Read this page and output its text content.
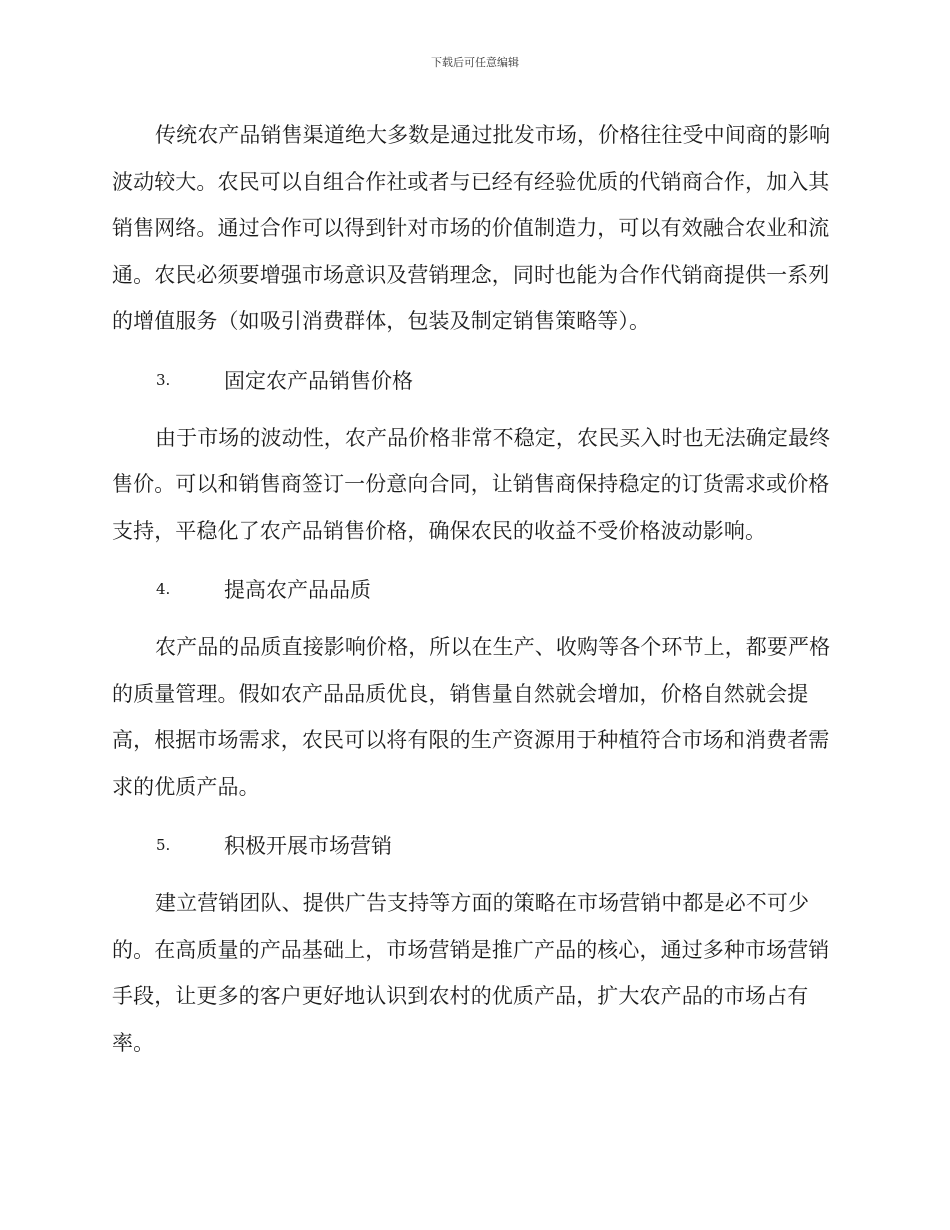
下载后可任意编辑

传统农产品销售渠道绝大多数是通过批发市场，价格往往受中间商的影响波动较大。农民可以自组合作社或者与已经有经验优质的代销商合作，加入其销售网络。通过合作可以得到针对市场的价值制造力，可以有效融合农业和流通。农民必须要增强市场意识及营销理念，同时也能为合作代销商提供一系列的增值服务（如吸引消费群体，包装及制定销售策略等）。

3.	固定农产品销售价格

由于市场的波动性，农产品价格非常不稳定，农民买入时也无法确定最终售价。可以和销售商签订一份意向合同，让销售商保持稳定的订货需求或价格支持，平稳化了农产品销售价格，确保农民的收益不受价格波动影响。

4.	提高农产品品质

农产品的品质直接影响价格，所以在生产、收购等各个环节上，都要严格的质量管理。假如农产品品质优良，销售量自然就会增加，价格自然就会提高，根据市场需求，农民可以将有限的生产资源用于种植符合市场和消费者需求的优质产品。

5.	积极开展市场营销

建立营销团队、提供广告支持等方面的策略在市场营销中都是必不可少的。在高质量的产品基础上，市场营销是推广产品的核心，通过多种市场营销手段，让更多的客户更好地认识到农村的优质产品，扩大农产品的市场占有率。
